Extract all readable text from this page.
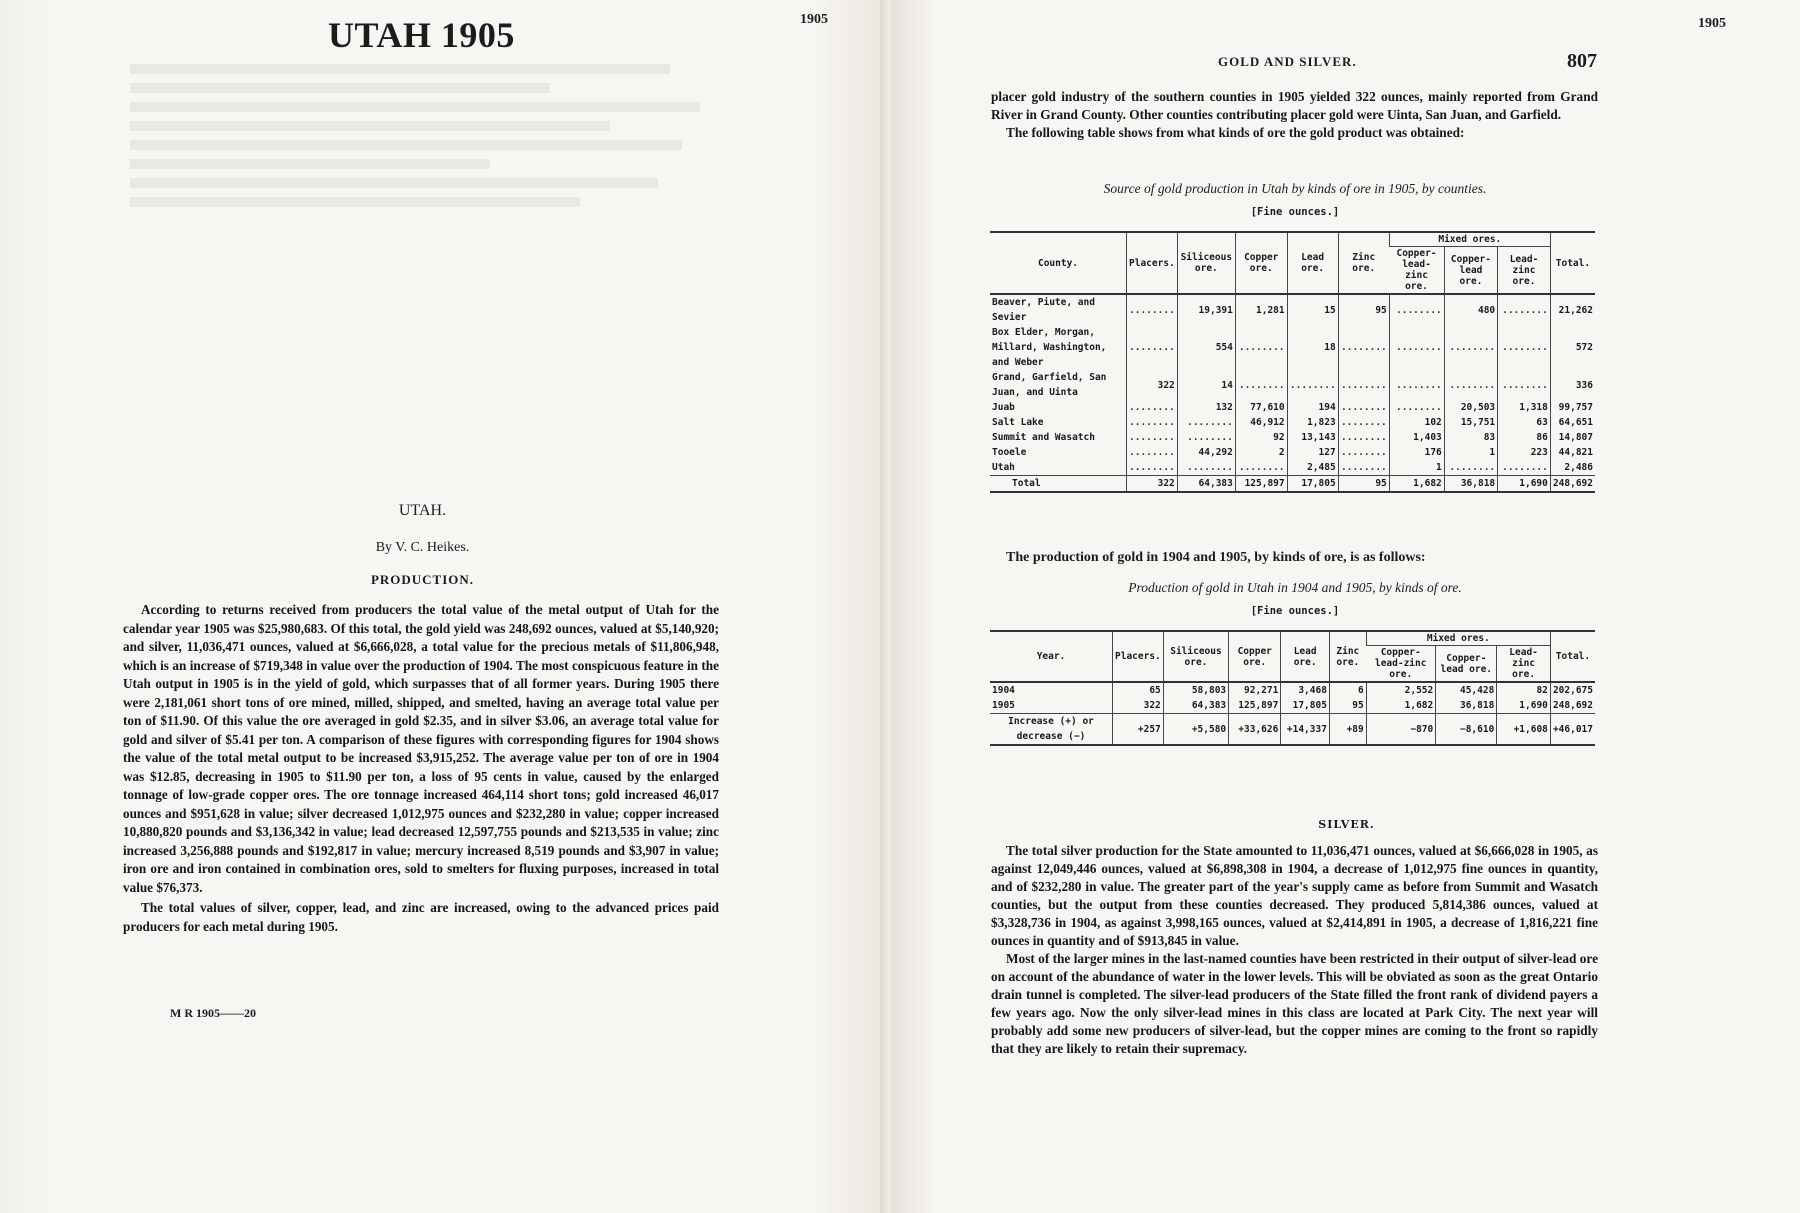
UTAH 1905	1905
UTAH.
By V. C. Heikes.
PRODUCTION.

According to returns received from producers the total value of the metal output of Utah for the calendar year 1905 was $25,980,683. Of this total, the gold yield was 248,692 ounces, valued at $5,140,920; and silver, 11,036,471 ounces, valued at $6,666,028, a total value for the precious metals of $11,806,948, which is an increase of $719,348 in value over the production of 1904. The most conspicuous feature in the Utah output in 1905 is in the yield of gold, which surpasses that of all former years. During 1905 there were 2,181,061 short tons of ore mined, milled, shipped, and smelted, having an average total value per ton of $11.90. Of this value the ore averaged in gold $2.35, and in silver $3.06, an average total value for gold and silver of $5.41 per ton. A comparison of these figures with corresponding figures for 1904 shows the value of the total metal output to be increased $3,915,252. The average value per ton of ore in 1904 was $12.85, decreasing in 1905 to $11.90 per ton, a loss of 95 cents in value, caused by the enlarged tonnage of low-grade copper ores. The ore tonnage increased 464,114 short tons; gold increased 46,017 ounces and $951,628 in value; silver decreased 1,012,975 ounces and $232,280 in value; copper increased 10,880,820 pounds and $3,136,342 in value; lead decreased 12,597,755 pounds and $213,535 in value; zinc increased 3,256,888 pounds and $192,817 in value; mercury increased 8,519 pounds and $3,907 in value; iron ore and iron contained in combination ores, sold to smelters for fluxing purposes, increased in total value $76,373.

The total values of silver, copper, lead, and zinc are increased, owing to the advanced prices paid producers for each metal during 1905.

M R 1905——20
1905
GOLD AND SILVER.	807

placer gold industry of the southern counties in 1905 yielded 322 ounces, mainly reported from Grand River in Grand County. Other counties contributing placer gold were Uinta, San Juan, and Garfield.

The following table shows from what kinds of ore the gold product was obtained:

Source of gold production in Utah by kinds of ore in 1905, by counties.
[Fine ounces.]
County.	Placers.	Siliceous ore.	Copper ore.	Lead ore.	Zinc ore.	Mixed ores.			Total.
						Copper-lead-zinc ore.	Copper-lead ore.	Lead-zinc ore.	
Beaver, Piute, and Sevier	........	19,391	1,281	15	95	........	480	........	21,262
Box Elder, Morgan, Millard, Washington, and Weber	........	554	........	18	........	........	........	........	572
Grand, Garfield, San Juan, and Uinta	322	14	........	........	........	........	........	........	336
Juab	........	132	77,610	194	........	........	20,503	1,318	99,757
Salt Lake	........	........	46,912	1,823	........	102	15,751	63	64,651
Summit and Wasatch	........	........	92	13,143	........	1,403	83	86	14,807
Tooele	........	44,292	2	127	........	176	1	223	44,821
Utah	........	........	........	2,485	........	1	........	........	2,486
Total	322	64,383	125,897	17,805	95	1,682	36,818	1,690	248,692
The production of gold in 1904 and 1905, by kinds of ore, is as follows:
Production of gold in Utah in 1904 and 1905, by kinds of ore.
[Fine ounces.]
Year.	Placers.	Siliceous ore.	Copper ore.	Lead ore.	Zinc ore.	Mixed ores.			Total.
						Copper-lead-zinc ore.	Copper-lead ore.	Lead-zinc ore.	
1904	65	58,803	92,271	3,468	6	2,552	45,428	82	202,675
1905	322	64,383	125,897	17,805	95	1,682	36,818	1,690	248,692
Increase (+) or decrease (−)	+257	+5,580	+33,626	+14,337	+89	−870	−8,610	+1,608	+46,017
SILVER.

The total silver production for the State amounted to 11,036,471 ounces, valued at $6,666,028 in 1905, as against 12,049,446 ounces, valued at $6,898,308 in 1904, a decrease of 1,012,975 fine ounces in quantity, and of $232,280 in value. The greater part of the year's supply came as before from Summit and Wasatch counties, but the output from these counties decreased. They produced 5,814,386 ounces, valued at $3,328,736 in 1904, as against 3,998,165 ounces, valued at $2,414,891 in 1905, a decrease of 1,816,221 fine ounces in quantity and of $913,845 in value.

Most of the larger mines in the last-named counties have been restricted in their output of silver-lead ore on account of the abundance of water in the lower levels. This will be obviated as soon as the great Ontario drain tunnel is completed. The silver-lead producers of the State filled the front rank of dividend payers a few years ago. Now the only silver-lead mines in this class are located at Park City. The next year will probably add some new producers of silver-lead, but the copper mines are coming to the front so rapidly that they are likely to retain their supremacy.
